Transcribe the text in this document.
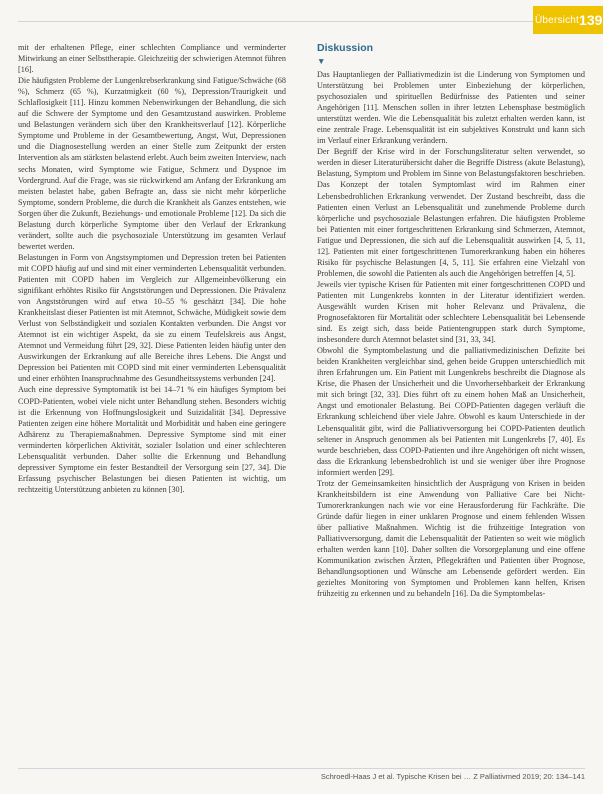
Übersicht 139

mit der erhaltenen Pflege, einer schlechten Compliance und verminderter Mitwirkung an einer Selbsttherapie. Gleichzeitig der schwierigen Atemnot führen [16].

Die häufigsten Probleme der Lungenkrebserkrankung sind Fatigue/Schwäche (68 %), Schmerz (65 %), Kurzatmigkeit (60 %), Depression/Traurigkeit und Schlaflosigkeit [11]. Hinzu kommen Nebenwirkungen der Behandlung, die sich auf die Schwere der Symptome und den Gesamtzustand auswirken. Probleme und Belastungen verändern sich über den Krankheitsverlauf [12]. Körperliche Symptome und Probleme in der Gesamtbewertung, Angst, Wut, Depressionen und die Diagnosestellung werden an einer Stelle zum Zeitpunkt der ersten Intervention als am stärksten belastend erlebt. Auch beim zweiten Interview, nach sechs Monaten, wird Symptome wie Fatigue, Schmerz und Dyspnoe im Vordergrund. Auf die Frage, was sie rückwirkend am Anfang der Erkrankung am meisten belastet habe, gaben Befragte an, dass sie nicht mehr körperliche Symptome, sondern Probleme, die durch die Krankheit als Ganzes entstehen, wie Sorgen über die Zukunft, Beziehungs- und emotionale Probleme [12]. Da sich die Belastung durch körperliche Symptome über den Verlauf der Erkrankung verändert, sollte auch die psychosoziale Unterstützung im gesamten Verlauf bewertet werden.

Belastungen in Form von Angstsymptomen und Depression treten bei Patienten mit COPD häufig auf und sind mit einer verminderten Lebensqualität verbunden. Patienten mit COPD haben im Vergleich zur Allgemeinbevölkerung ein signifikant erhöhtes Risiko für Angststörungen und Depressionen. Die Prävalenz von Angststörungen wird auf etwa 10–55 % geschätzt [34]. Die hohe Krankheitslast dieser Patienten ist mit Atemnot, Schwäche, Müdigkeit sowie dem Verlust von Selbständigkeit und sozialen Kontakten verbunden. Die Angst vor Atemnot ist ein wichtiger Aspekt, da sie zu einem Teufelskreis aus Angst, Atemnot und Vermeidung führt [29, 32]. Diese Patienten leiden häufig unter den Auswirkungen der Erkrankung auf alle Bereiche ihres Lebens. Die Angst und Depression bei Patienten mit COPD sind mit einer verminderten Lebensqualität und einer erhöhten Inanspruchnahme des Gesundheitssystems verbunden [24].

Auch eine depressive Symptomatik ist bei 14–71 % ein häufiges Symptom bei COPD-Patienten, wobei viele nicht unter Behandlung stehen. Besonders wichtig ist die Erkennung von Hoffnungslosigkeit und Suizidalität [34]. Depressive Patienten zeigen eine höhere Mortalität und Morbidität und haben eine geringere Adhärenz zu Therapiemaßnahmen. Depressive Symptome sind mit einer verminderten körperlichen Aktivität, sozialer Isolation und einer schlechteren Lebensqualität verbunden. Daher sollte die Erkennung und Behandlung depressiver Symptome ein fester Bestandteil der Versorgung sein [27, 34]. Die Erfassung psychischer Belastungen bei diesen Patienten ist wichtig, um rechtzeitig Unterstützung anbieten zu können [30].

Diskussion
▼

Das Hauptanliegen der Palliativmedizin ist die Linderung von Symptomen und Unterstützung bei Problemen unter Einbeziehung der körperlichen, psychosozialen und spirituellen Bedürfnisse des Patienten und seiner Angehörigen [11]. Menschen sollen in ihrer letzten Lebensphase bestmöglich unterstützt werden. Wie die Lebensqualität bis zuletzt erhalten werden kann, ist eine zentrale Frage. Lebensqualität ist ein subjektives Konstrukt und kann sich im Verlauf einer Erkrankung verändern.

Der Begriff der Krise wird in der Forschungsliteratur selten verwendet, so werden in dieser Literaturübersicht daher die Begriffe Distress (akute Belastung), Belastung, Symptom und Problem im Sinne von Belastungsfaktoren beschrieben. Das Konzept der totalen Symptomlast wird im Rahmen einer Lebensbedrohlichen Erkrankung verwendet. Der Zustand beschreibt, dass die Patienten einen Verlust an Lebensqualität und zunehmende Probleme durch körperliche und psychosoziale Belastungen erfahren. Die häufigsten Probleme bei Patienten mit einer fortgeschrittenen Erkrankung sind Schmerzen, Atemnot, Fatigue und Depressionen, die sich auf die Lebensqualität auswirken [4, 5, 11, 12]. Patienten mit einer fortgeschrittenen Tumorerkrankung haben ein höheres Risiko für psychische Belastungen [4, 5, 11]. Sie erfahren eine Vielzahl von Problemen, die sowohl die Patienten als auch die Angehörigen betreffen [4, 5].

Jeweils vier typische Krisen für Patienten mit einer fortgeschrittenen COPD und Patienten mit Lungenkrebs konnten in der Literatur identifiziert werden. Ausgewählt wurden Krisen mit hoher Relevanz und Prävalenz, die Prognosefaktoren für Mortalität oder schlechtere Lebensqualität bei Lebensende sind. Es zeigt sich, dass beide Patientengruppen stark durch Symptome, insbesondere durch Atemnot belastet sind [31, 33, 34].

Obwohl die Symptombelastung und die palliativmedizinischen Defizite bei beiden Krankheiten vergleichbar sind, gehen beide Gruppen unterschiedlich mit ihren Erfahrungen um. Ein Patient mit Lungenkrebs beschreibt die Diagnose als Krise, die Phasen der Unsicherheit und die Unvorhersehbarkeit der Erkrankung mit sich bringt [32, 33]. Dies führt oft zu einem hohen Maß an Unsicherheit, Angst und emotionaler Belastung. Bei COPD-Patienten dagegen verläuft die Erkrankung schleichend über viele Jahre. Obwohl es kaum Unterschiede in der Lebensqualität gibt, wird die Palliativversorgung bei COPD-Patienten deutlich seltener in Anspruch genommen als bei Patienten mit Lungenkrebs [7, 40]. Es wurde beschrieben, dass COPD-Patienten und ihre Angehörigen oft nicht wissen, dass die Erkrankung lebensbedrohlich ist und sie weniger über ihre Prognose informiert werden [29].

Trotz der Gemeinsamkeiten hinsichtlich der Ausprägung von Krisen in beiden Krankheitsbildern ist eine Anwendung von Palliative Care bei Nicht-Tumorerkrankungen nach wie vor eine Herausforderung für Fachkräfte. Die Gründe dafür liegen in einer unklaren Prognose und einem fehlenden Wissen über palliative Maßnahmen. Wichtig ist die frühzeitige Integration von Palliativversorgung, damit die Lebensqualität der Patienten so weit wie möglich erhalten werden kann [10]. Daher sollten die Vorsorgeplanung und eine offene Kommunikation zwischen Ärzten, Pflegekräften und Patienten über Prognose, Behandlungsoptionen und Wünsche am Lebensende gefördert werden. Ein gezieltes Monitoring von Symptomen und Problemen kann helfen, Krisen frühzeitig zu erkennen und zu behandeln [16]. Da die Symptombelas-

Schroedl-Haas J et al. Typische Krisen bei … Z Palliativmed 2019; 20: 134–141
